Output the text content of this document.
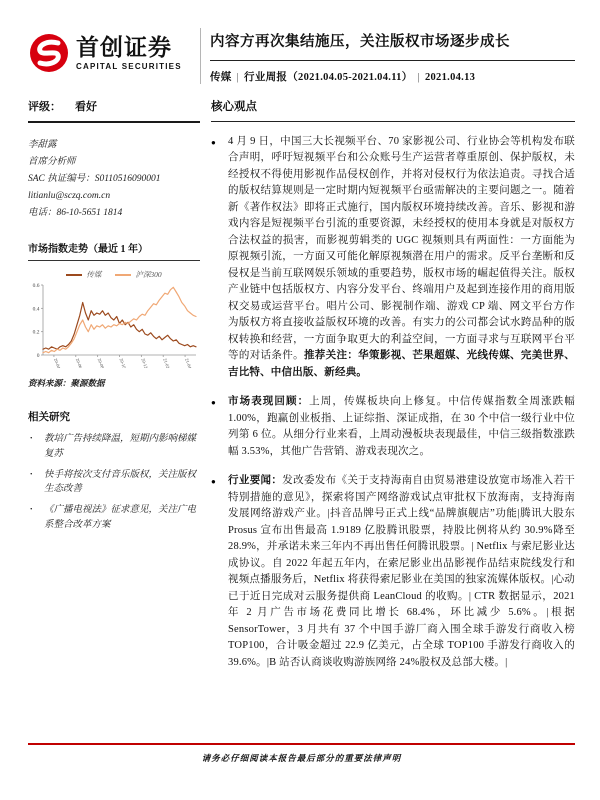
首创证券
CAPITAL SECURITIES
内容方再次集结施压，关注版权市场逐步成长
传媒 | 行业周报（2021.04.05-2021.04.11） | 2021.04.13
评级： 看好
李甜露
首席分析师
SAC 执证编号：S0110516090001
litianlu@sczq.com.cn
电话：86-10-5651 1814
市场指数走势（最近 1 年）
传媒	沪深300
0
0.2
0.4
0.6
20-04	20-06	20-08	20-10	20-12	21-02	21-04
资料来源：聚源数据
相关研究
· 教培广告持续降温，短期内影响梯媒复苏
· 快手将按次支付音乐版权，关注版权生态改善
· 《广播电视法》征求意见，关注广电系整合改革方案
核心观点
●
4 月 9 日，中国三大长视频平台、70 家影视公司、行业协会等机构发布联合声明，呼吁短视频平台和公众账号生产运营者尊重原创、保护版权，未经授权不得使用影视作品侵权创作，并将对侵权行为依法追责。寻找合适的版权结算规则是一定时期内短视频平台亟需解决的主要问题之一。随着新《著作权法》即将正式施行，国内版权环境持续改善。音乐、影视和游戏内容是短视频平台引流的重要资源，未经授权的使用本身就是对版权方合法权益的损害，而影视剪辑类的 UGC 视频则具有两面性：一方面能为原视频引流，一方面又可能化解原视频潜在用户的需求。反平台垄断和反侵权是当前互联网娱乐领域的重要趋势，版权市场的崛起值得关注。版权产业链中包括版权方、内容分发平台、终端用户及起到连接作用的商用版权交易或运营平台。唱片公司、影视制作端、游戏 CP 端、网文平台方作为版权方将直接收益版权环境的改善。有实力的公司都会试水跨品种的版权转换和经营，一方面争取更大的利益空间，一方面寻求与互联网平台平等的对话条件。推荐关注：华策影视、芒果超媒、光线传媒、完美世界、吉比特、中信出版、新经典。
●
市场表现回顾：上周，传媒板块向上修复。中信传媒指数全周涨跌幅 1.00%，跑赢创业板指、上证综指、深证成指，在 30 个中信一级行业中位列第 6 位。从细分行业来看，上周动漫板块表现最佳，中信三级指数涨跌幅 3.53%，其他广告营销、游戏表现次之。
●
行业要闻：发改委发布《关于支持海南自由贸易港建设放宽市场准入若干特别措施的意见》，探索将国产网络游戏试点审批权下放海南，支持海南发展网络游戏产业。|抖音品牌号正式上线“品牌旗舰店”功能|腾讯大股东 Prosus 宣布出售最高 1.9189 亿股腾讯股票，持股比例将从约 30.9%降至 28.9%，并承诺未来三年内不再出售任何腾讯股票。| Netflix 与索尼影业达成协议。自 2022 年起五年内，在索尼影业出品影视作品结束院线发行和视频点播服务后，Netflix 将获得索尼影业在美国的独家流媒体版权。|心动已于近日完成对云服务提供商 LeanCloud 的收购。| CTR 数据显示，2021 年 2 月广告市场花费同比增长 68.4%，环比减少 5.6%。|根据 SensorTower，3 月共有 37 个中国手游厂商入围全球手游发行商收入榜 TOP100，合计吸金超过 22.9 亿美元，占全球 TOP100 手游发行商收入的 39.6%。|B 站否认商谈收购游族网络 24%股权及总部大楼。|
请务必仔细阅读本报告最后部分的重要法律声明
